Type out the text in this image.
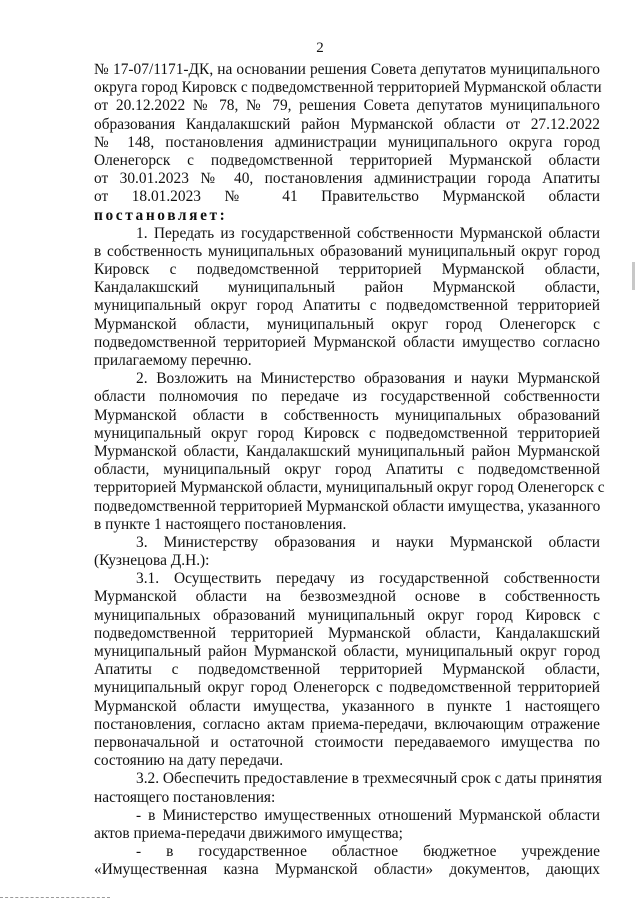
2
№ 17-07/1171-ДК, на основании решения Совета депутатов муниципального
округа город Кировск с подведомственной территорией Мурманской области
от 20.12.2022 № 78, № 79, решения Совета депутатов муниципального
образования Кандалакшский район Мурманской области от 27.12.2022
№ 148, постановления администрации муниципального округа город
Оленегорск с подведомственной территорией Мурманской области
от 30.01.2023 № 40, постановления администрации города Апатиты
от 18.01.2023 № 41 Правительство Мурманской области
постановляет:
1. Передать из государственной собственности Мурманской области
в собственность муниципальных образований муниципальный округ город
Кировск с подведомственной территорией Мурманской области,
Кандалакшский муниципальный район Мурманской области,
муниципальный округ город Апатиты с подведомственной территорией
Мурманской области, муниципальный округ город Оленегорск с
подведомственной территорией Мурманской области имущество согласно
прилагаемому перечню.
2. Возложить на Министерство образования и науки Мурманской
области полномочия по передаче из государственной собственности
Мурманской области в собственность муниципальных образований
муниципальный округ город Кировск с подведомственной территорией
Мурманской области, Кандалакшский муниципальный район Мурманской
области, муниципальный округ город Апатиты с подведомственной
территорией Мурманской области, муниципальный округ город Оленегорск с
подведомственной территорией Мурманской области имущества, указанного
в пункте 1 настоящего постановления.
3. Министерству образования и науки Мурманской области
(Кузнецова Д.Н.):
3.1. Осуществить передачу из государственной собственности
Мурманской области на безвозмездной основе в собственность
муниципальных образований муниципальный округ город Кировск с
подведомственной территорией Мурманской области, Кандалакшский
муниципальный район Мурманской области, муниципальный округ город
Апатиты с подведомственной территорией Мурманской области,
муниципальный округ город Оленегорск с подведомственной территорией
Мурманской области имущества, указанного в пункте 1 настоящего
постановления, согласно актам приема-передачи, включающим отражение
первоначальной и остаточной стоимости передаваемого имущества по
состоянию на дату передачи.
3.2. Обеспечить предоставление в трехмесячный срок с даты принятия
настоящего постановления:
- в Министерство имущественных отношений Мурманской области
актов приема-передачи движимого имущества;
- в государственное областное бюджетное учреждение
«Имущественная казна Мурманской области» документов, дающих
